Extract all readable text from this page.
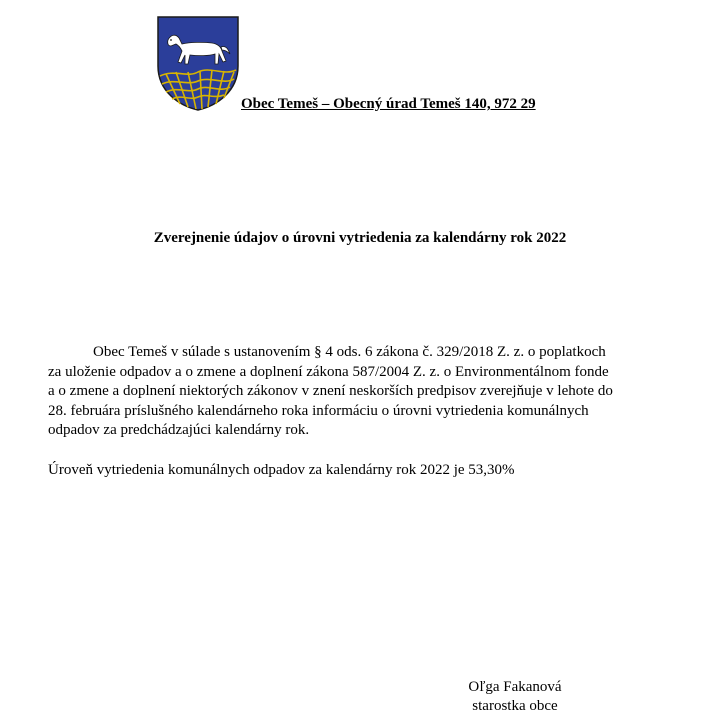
Obec Temeš – Obecný úrad Temeš 140, 972 29
Zverejnenie údajov o úrovni vytriedenia za kalendárny rok 2022

Obec Temeš v súlade s ustanovením § 4 ods. 6 zákona č. 329/2018 Z. z. o poplatkoch
za uloženie odpadov a o zmene a doplnení zákona 587/2004 Z. z. o Environmentálnom fonde
a o zmene a doplnení niektorých zákonov v znení neskorších predpisov zverejňuje v lehote do
28. februára príslušného kalendárneho roka informáciu o úrovni vytriedenia komunálnych
odpadov za predchádzajúci kalendárny rok.

Úroveň vytriedenia komunálnych odpadov za kalendárny rok 2022 je 53,30%
Oľga Fakanová
starostka obce
